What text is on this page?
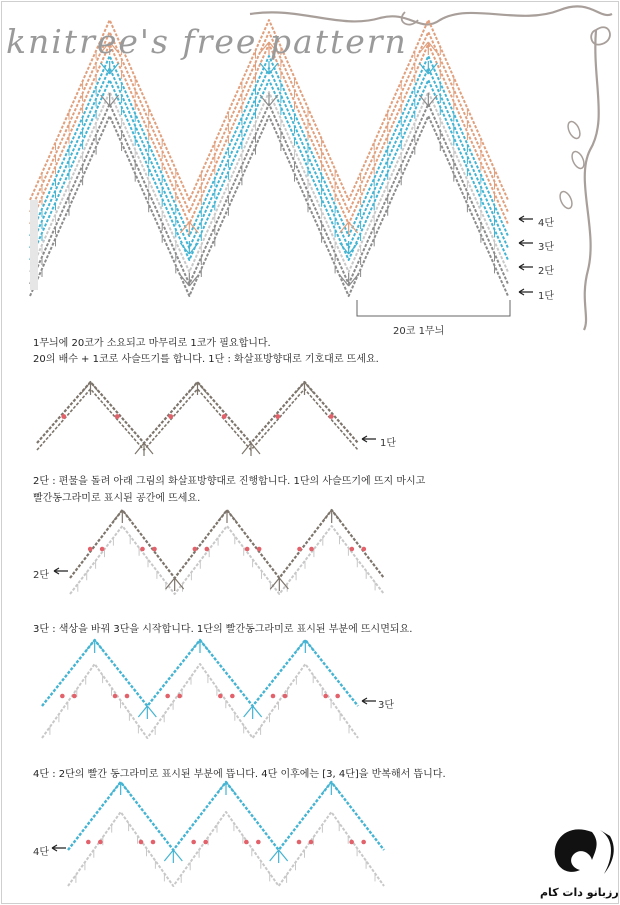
knitree's free pattern
4단
3단
2단
1단
20코 1무늬
1무늬에 20코가 소요되고 마무리로 1코가 필요합니다.
20의 배수 + 1코로 사슬뜨기를 합니다. 1단 : 화살표방향대로 기호대로 뜨세요.
1단
2단 : 편물을 돌려 아래 그림의 화살표방향대로 진행합니다. 1단의 사슬뜨기에 뜨지 마시고
빨간동그라미로 표시된 공간에 뜨세요.
2단
3단 : 색상을 바꿔 3단을 시작합니다. 1단의 빨간동그라미로 표시된 부분에 뜨시면되요.
3단
4단 : 2단의 빨간 동그라미로 표시된 부분에 뜹니다. 4단 이후에는 [3, 4단]을 반복해서 뜹니다.
4단
رزبانو دات کام
